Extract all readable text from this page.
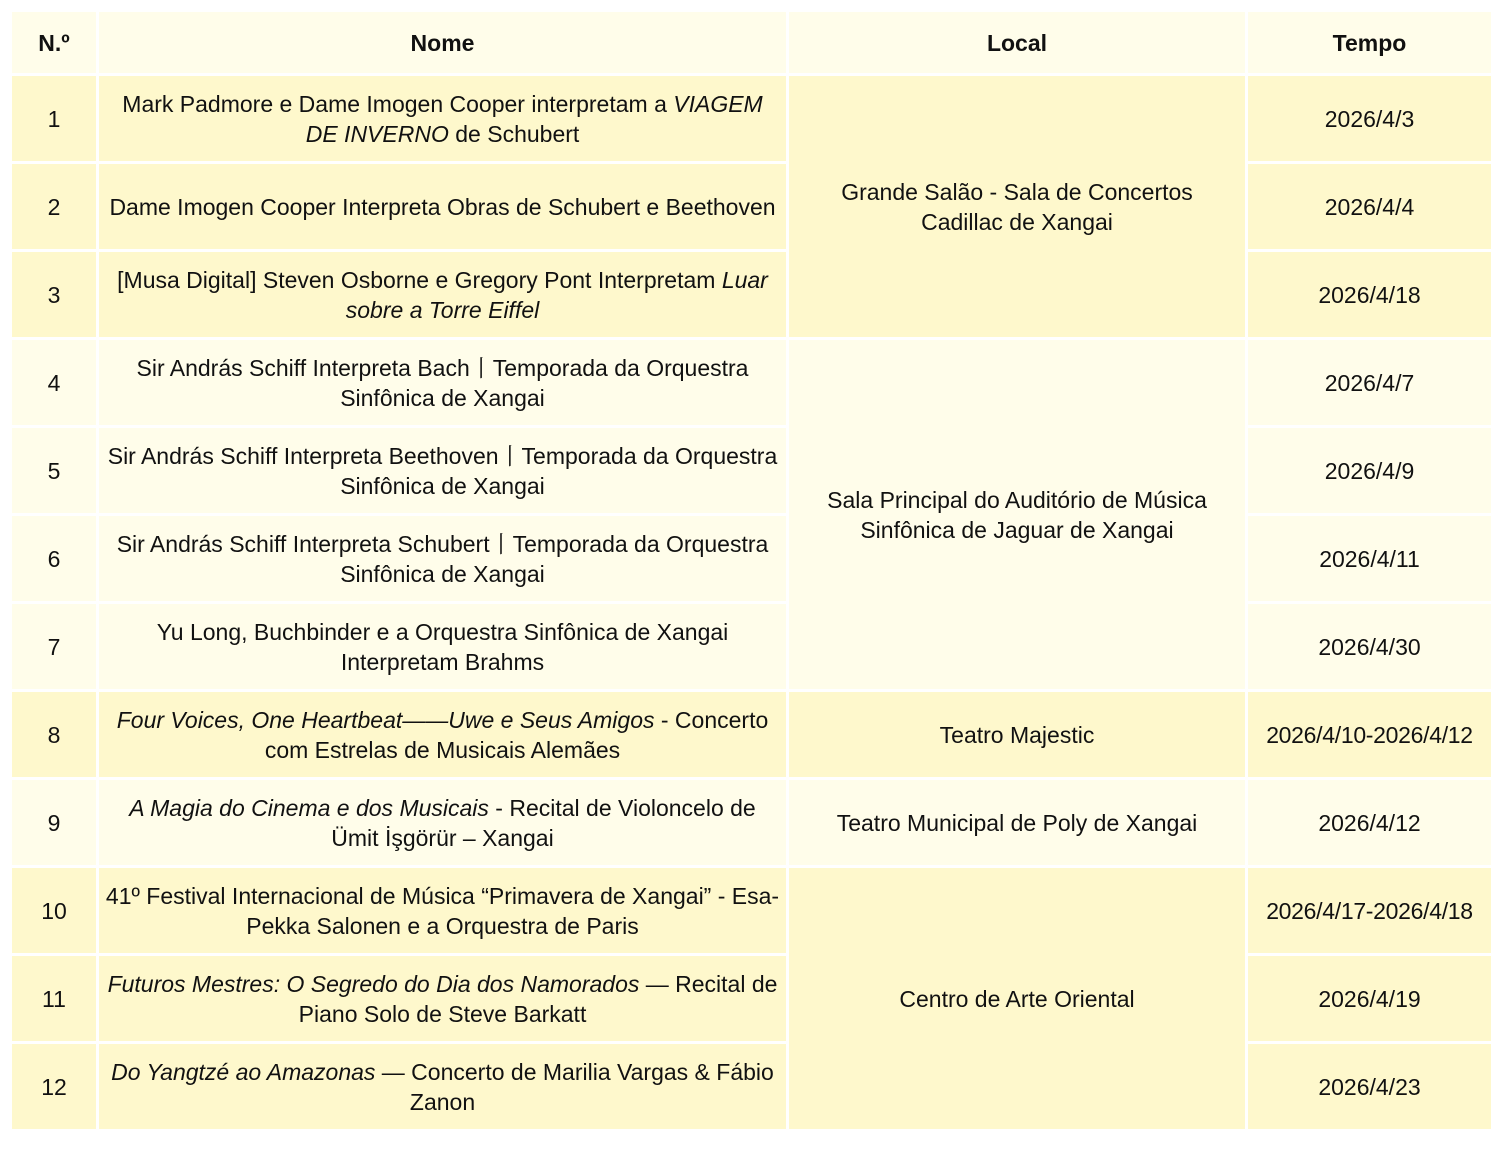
N.º	Nome	Local	Tempo
1	Mark Padmore e Dame Imogen Cooper interpretam a VIAGEM DE INVERNO de Schubert	Grande Salão - Sala de Concertos Cadillac de Xangai	2026/4/3
2	Dame Imogen Cooper Interpreta Obras de Schubert e Beethoven		2026/4/4
3	[Musa Digital] Steven Osborne e Gregory Pont Interpretam Luar sobre a Torre Eiffel		2026/4/18
4	Sir András Schiff Interpreta Bach丨Temporada da Orquestra Sinfônica de Xangai	Sala Principal do Auditório de Música Sinfônica de Jaguar de Xangai	2026/4/7
5	Sir András Schiff Interpreta Beethoven丨Temporada da Orquestra Sinfônica de Xangai		2026/4/9
6	Sir András Schiff Interpreta Schubert丨Temporada da Orquestra Sinfônica de Xangai		2026/4/11
7	Yu Long, Buchbinder e a Orquestra Sinfônica de Xangai Interpretam Brahms		2026/4/30
8	Four Voices, One Heartbeat——Uwe e Seus Amigos - Concerto com Estrelas de Musicais Alemães	Teatro Majestic	2026/4/10-2026/4/12
9	A Magia do Cinema e dos Musicais - Recital de Violoncelo de Ümit İşgörür – Xangai	Teatro Municipal de Poly de Xangai	2026/4/12
10	41º Festival Internacional de Música “Primavera de Xangai” - Esa-Pekka Salonen e a Orquestra de Paris	Centro de Arte Oriental	2026/4/17-2026/4/18
11	Futuros Mestres: O Segredo do Dia dos Namorados — Recital de Piano Solo de Steve Barkatt		2026/4/19
12	Do Yangtzé ao Amazonas — Concerto de Marilia Vargas & Fábio Zanon		2026/4/23
